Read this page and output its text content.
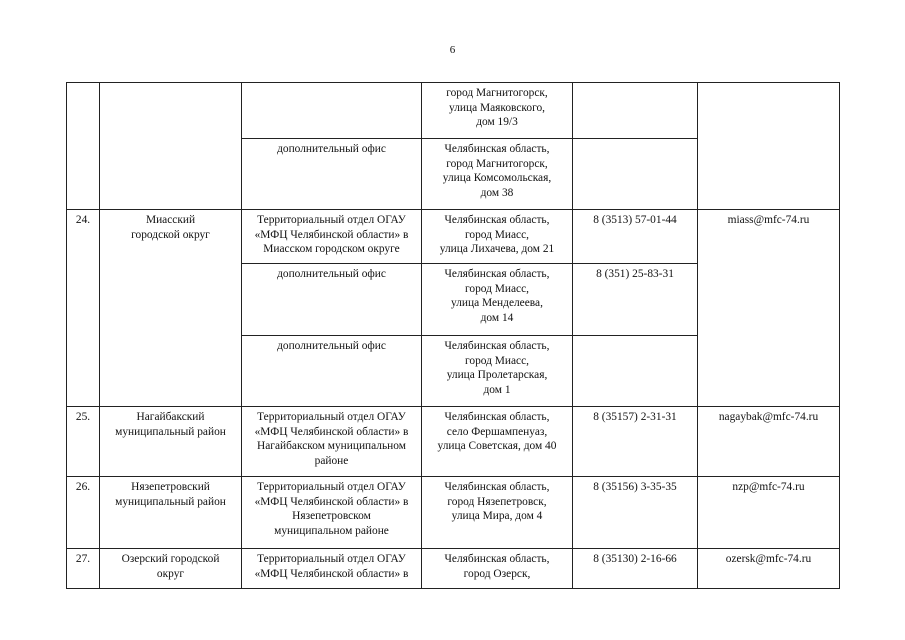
6
			город Магнитогорск,
улица Маяковского,
дом 19/3		
		дополнительный офис	Челябинская область,
город Магнитогорск,
улица Комсомольская,
дом 38		
24.	Миасский
городской округ	Территориальный отдел ОГАУ
«МФЦ Челябинской области» в
Миасском городском округе	Челябинская область,
город Миасс,
улица Лихачева, дом 21	8 (3513) 57-01-44	miass@mfc-74.ru
		дополнительный офис	Челябинская область,
город Миасс,
улица Менделеева,
дом 14	8 (351) 25-83-31	
		дополнительный офис	Челябинская область,
город Миасс,
улица Пролетарская,
дом 1		
25.	Нагайбакский
муниципальный район	Территориальный отдел ОГАУ
«МФЦ Челябинской области» в
Нагайбакском муниципальном
районе	Челябинская область,
село Фершампенуаз,
улица Советская, дом 40	8 (35157) 2-31-31	nagaybak@mfc-74.ru
26.	Нязепетровский
муниципальный район	Территориальный отдел ОГАУ
«МФЦ Челябинской области» в
Нязепетровском
муниципальном районе	Челябинская область,
город Нязепетровск,
улица Мира, дом 4	8 (35156) 3-35-35	nzp@mfc-74.ru
27.	Озерский городской
округ	Территориальный отдел ОГАУ
«МФЦ Челябинской области» в	Челябинская область,
город Озерск,	8 (35130) 2-16-66	ozersk@mfc-74.ru
